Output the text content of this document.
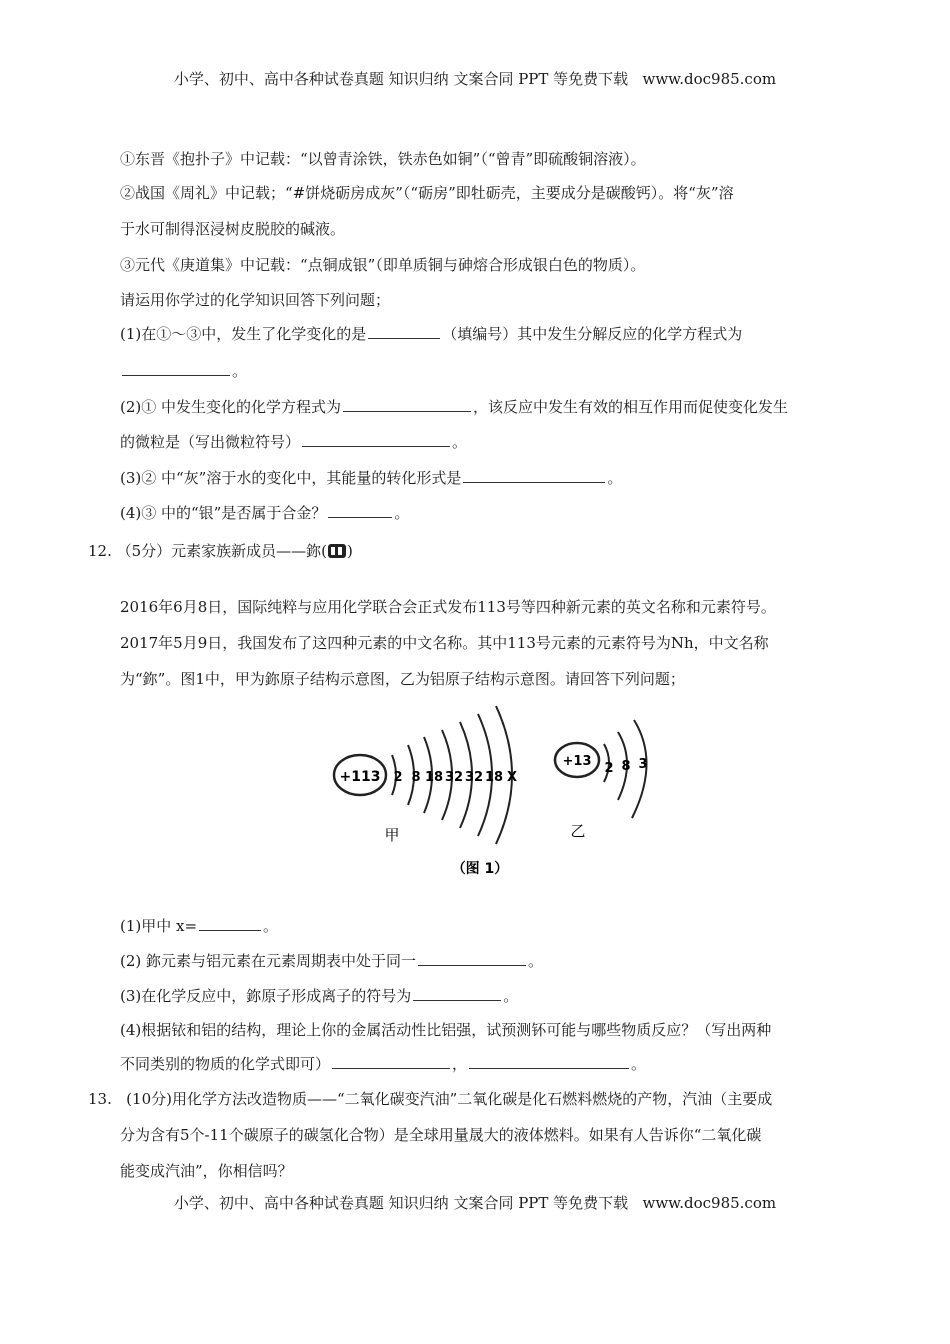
小学、初中、高中各种试卷真题 知识归纳 文案合同 PPT 等免费下载 www.doc985.com
①东晋《抱扑子》中记载：“以曾青涂铁，铁赤色如铜”（“曾青”即硫酸铜溶液）。
②战国《周礼》中记载；“#饼烧砺房成灰”（“砺房”即牡砺壳，主要成分是碳酸钙）。将“灰”溶
于水可制得沤浸树皮脱胶的碱液。
③元代《庚道集》中记载：“点铜成银”（即单质铜与砷熔合形成银白色的物质）。
请运用你学过的化学知识回答下列问题；
(1)在①～③中，发生了化学变化的是	（填编号）其中发生分解反应的化学方程式为
。
(2)① 中发生变化的化学方程式为	，该反应中发生有效的相互作用而促使变化发生
的微粒是（写出微粒符号）	。
(3)② 中“灰”溶于水的变化中，其能量的转化形式是	。
(4)③ 中的“银”是否属于合金？	。
12. （5分）元素家族新成员——鉨( )
2016年6月8日，国际纯粹与应用化学联合会正式发布113号等四种新元素的英文名称和元素符号。
2017年5月9日，我国发布了这四种元素的中文名称。其中113号元素的元素符号为Nh，中文名称
为“鉨”。图1中，甲为鉨原子结构示意图，乙为铝原子结构示意图。请回答下列问题；
+113 2 8 18 32 32 18 X
+13 2 8 3
甲	乙
（图 1）
(1)甲中 x=	。
(2) 鉨元素与铝元素在元素周期表中处于同一	。
(3)在化学反应中，鉨原子形成离子的符号为	。
(4)根据铱和铝的结构，理论上你的金属活动性比铝强，试预测钚可能与哪些物质反应？（写出两种
不同类别的物质的化学式即可）	，	。
13. (10分)用化学方法改造物质——“二氧化碳变汽油”二氧化碳是化石燃料燃烧的产物，汽油（主要成
分为含有5个-11个碳原子的碳氢化合物）是全球用量晟大的液体燃料。如果有人告诉你“二氧化碳
能变成汽油”，你相信吗？
小学、初中、高中各种试卷真题 知识归纳 文案合同 PPT 等免费下载 www.doc985.com
